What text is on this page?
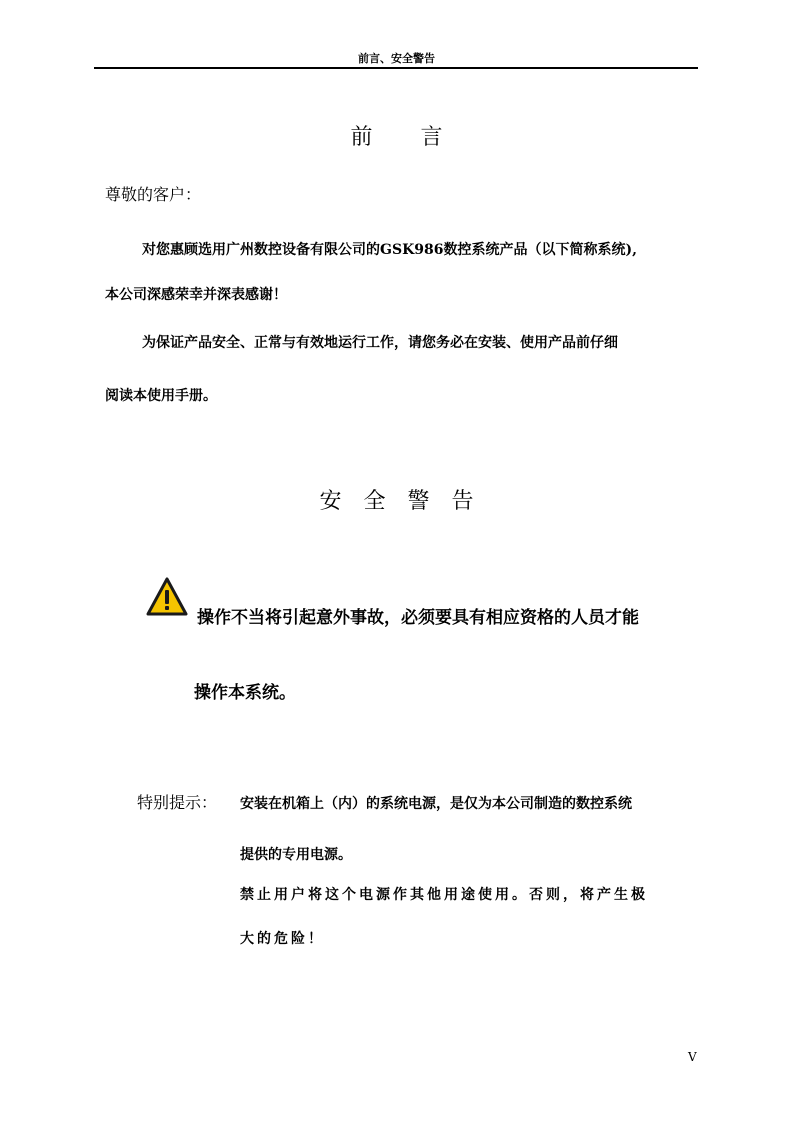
前言、安全警告
前言
尊敬的客户：
对您惠顾选用广州数控设备有限公司的GSK986数控系统产品（以下简称系统),
本公司深感荣幸并深表感谢！
为保证产品安全、正常与有效地运行工作，请您务必在安装、使用产品前仔细
阅读本使用手册。
安全警告
操作不当将引起意外事故，必须要具有相应资格的人员才能
操作本系统。
特别提示： 安装在机箱上（内）的系统电源，是仅为本公司制造的数控系统
提供的专用电源。
禁止用户将这个电源作其他用途使用。否则，将产生极
大的危险！
V
